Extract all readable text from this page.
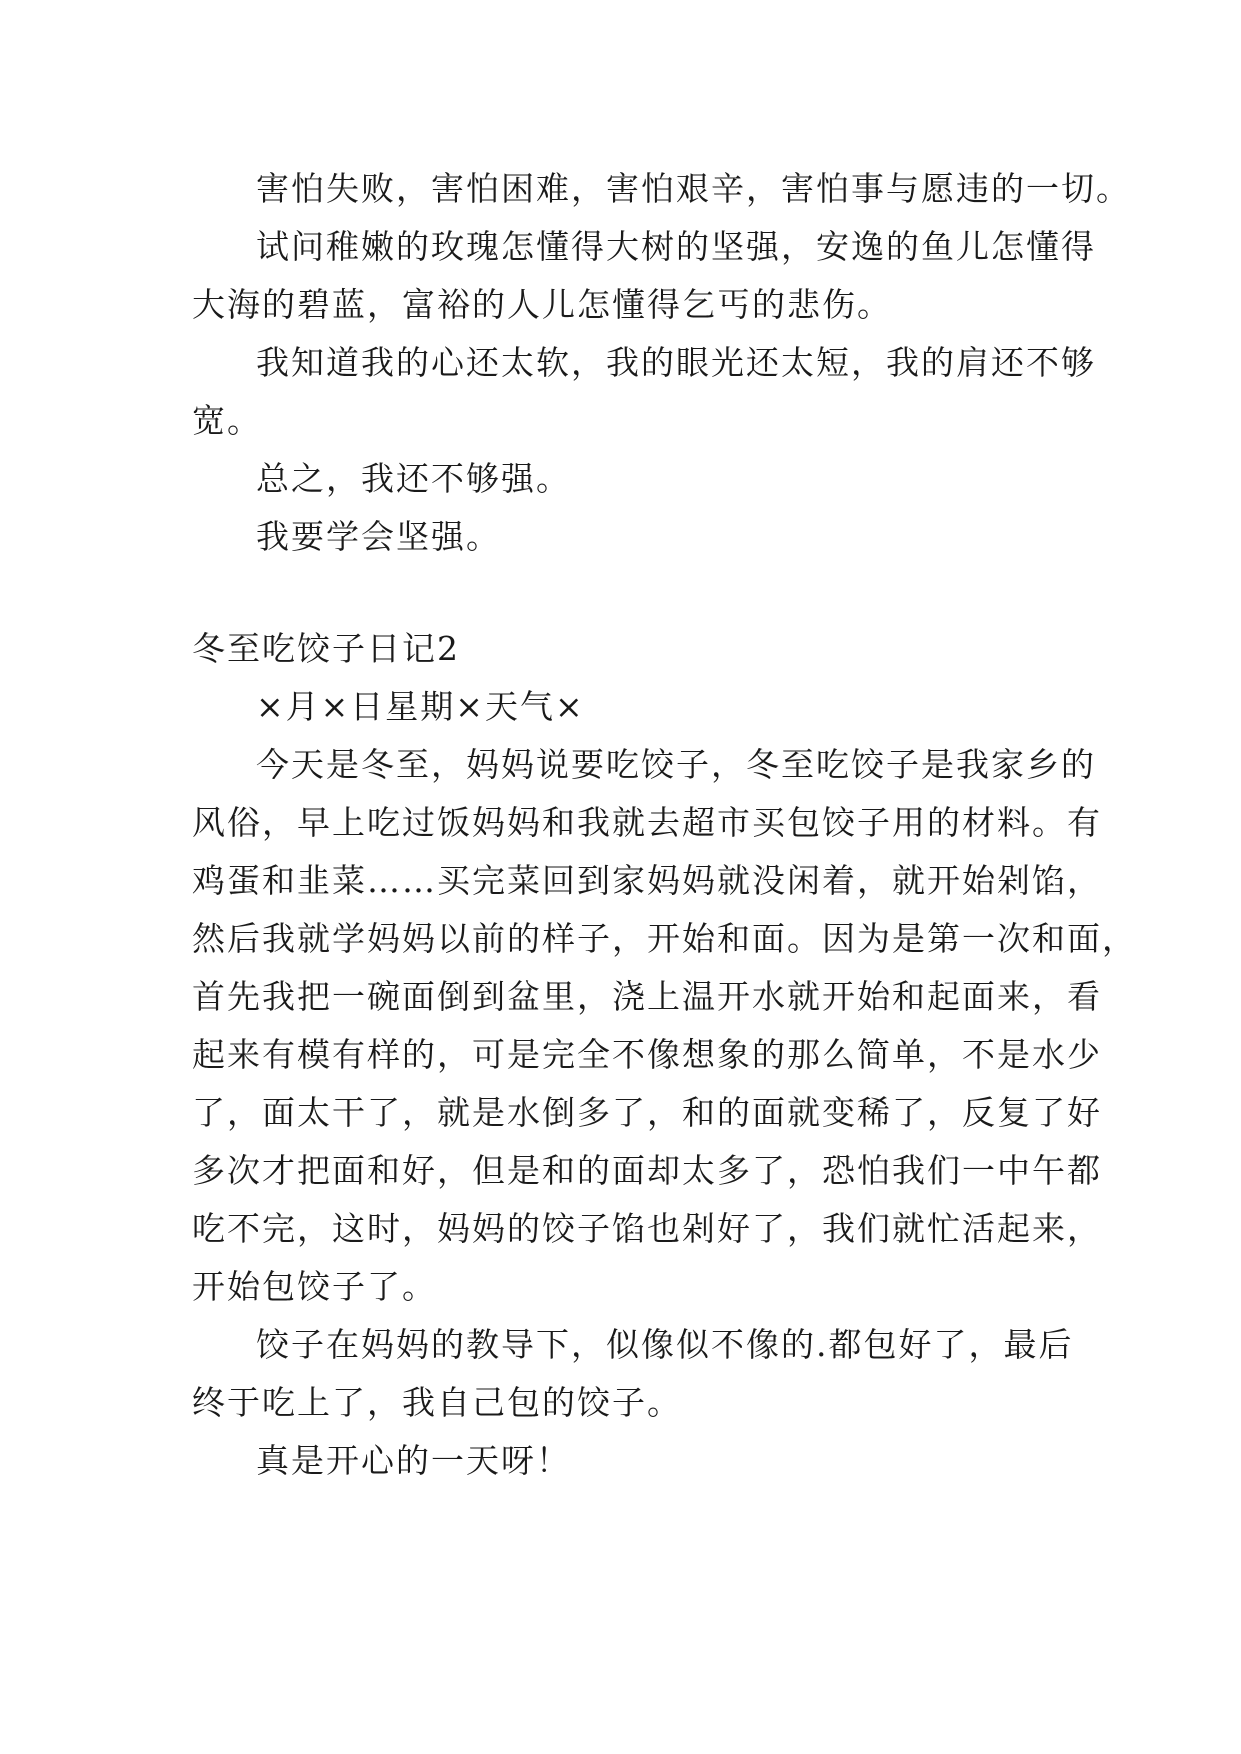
害怕失败，害怕困难，害怕艰辛，害怕事与愿违的一切。

试问稚嫩的玫瑰怎懂得大树的坚强，安逸的鱼儿怎懂得

大海的碧蓝，富裕的人儿怎懂得乞丐的悲伤。

我知道我的心还太软，我的眼光还太短，我的肩还不够

宽。

总之，我还不够强。

我要学会坚强。

冬至吃饺子日记2

×月×日星期×天气×

今天是冬至，妈妈说要吃饺子，冬至吃饺子是我家乡的

风俗，早上吃过饭妈妈和我就去超市买包饺子用的材料。有

鸡蛋和韭菜……买完菜回到家妈妈就没闲着，就开始剁馅，

然后我就学妈妈以前的样子，开始和面。因为是第一次和面，

首先我把一碗面倒到盆里，浇上温开水就开始和起面来，看

起来有模有样的，可是完全不像想象的那么简单，不是水少

了，面太干了，就是水倒多了，和的面就变稀了，反复了好

多次才把面和好，但是和的面却太多了，恐怕我们一中午都

吃不完，这时，妈妈的饺子馅也剁好了，我们就忙活起来，

开始包饺子了。

饺子在妈妈的教导下，似像似不像的.都包好了，最后

终于吃上了，我自己包的饺子。

真是开心的一天呀！
